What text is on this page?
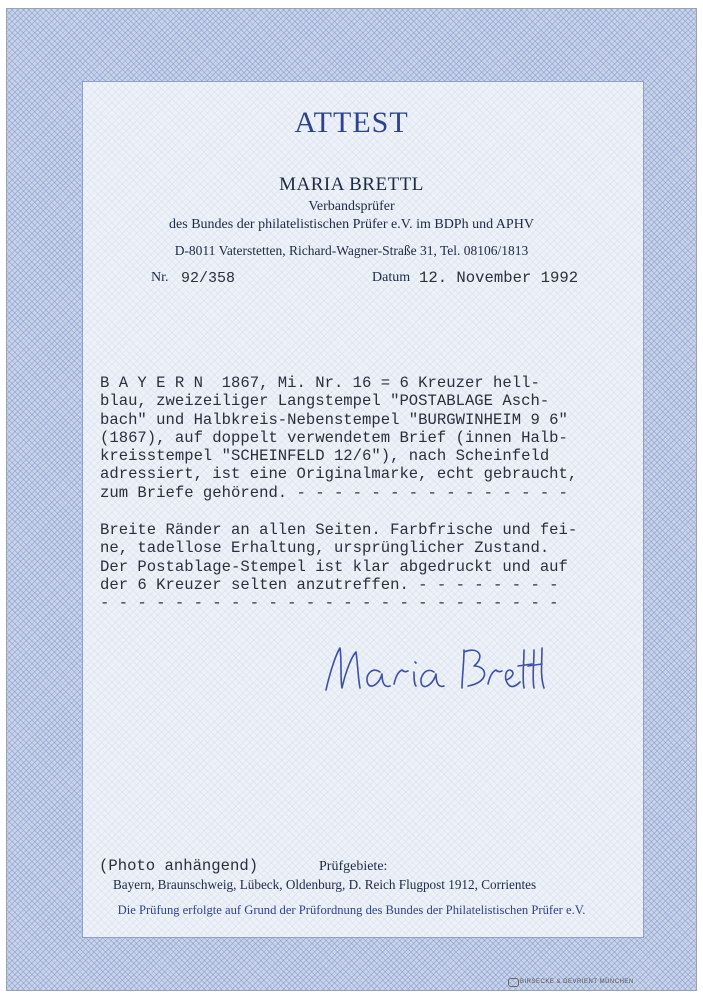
ATTEST
MARIA BRETTL
Verbandsprüfer
des Bundes der philatelistischen Prüfer e.V. im BDPh und APHV
D-8011 Vaterstetten, Richard-Wagner-Straße 31, Tel. 08106/1813
Nr. 92/358	Datum 12. November 1992
B A Y E R N  1867, Mi. Nr. 16 = 6 Kreuzer hell-
blau, zweizeiliger Langstempel "POSTABLAGE Asch-
bach" und Halbkreis-Nebenstempel "BURGWINHEIM 9 6"
(1867), auf doppelt verwendetem Brief (innen Halb-
kreisstempel "SCHEINFELD 12/6"), nach Scheinfeld
adressiert, ist eine Originalmarke, echt gebraucht,
zum Briefe gehörend. - - - - - - - - - - - - - - -
Breite Ränder an allen Seiten. Farbfrische und fei-
ne, tadellose Erhaltung, ursprünglicher Zustand.
Der Postablage-Stempel ist klar abgedruckt und auf
der 6 Kreuzer selten anzutreffen. - - - - - - - -
- - - - - - - - - - - - - - - - - - - - - - - - -
(Photo anhängend)	Prüfgebiete:
Bayern, Braunschweig, Lübeck, Oldenburg, D. Reich Flugpost 1912, Corrientes
Die Prüfung erfolgte auf Grund der Prüfordnung des Bundes der Philatelistischen Prüfer e.V.
BIRSECKE & DEVRIENT MÜNCHEN
